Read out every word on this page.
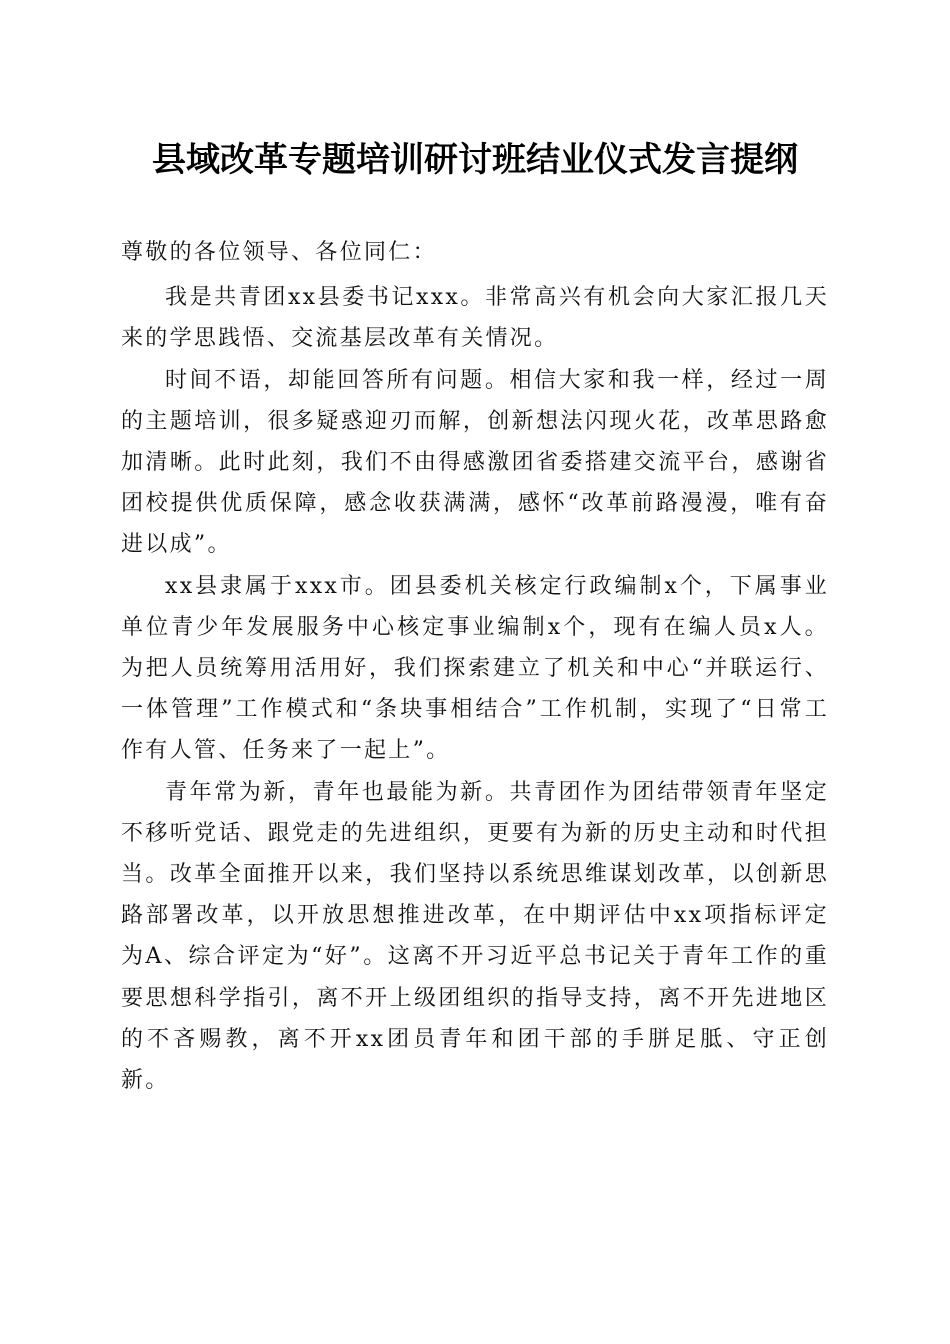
县域改革专题培训研讨班结业仪式发言提纲

尊敬的各位领导、各位同仁：

我是共青团xx县委书记xxx。非常高兴有机会向大家汇报几天来的学思践悟、交流基层改革有关情况。

时间不语，却能回答所有问题。相信大家和我一样，经过一周的主题培训，很多疑惑迎刃而解，创新想法闪现火花，改革思路愈加清晰。此时此刻，我们不由得感激团省委搭建交流平台，感谢省团校提供优质保障，感念收获满满，感怀“改革前路漫漫，唯有奋进以成”。

xx县隶属于xxx市。团县委机关核定行政编制x个，下属事业单位青少年发展服务中心核定事业编制x个，现有在编人员x人。为把人员统筹用活用好，我们探索建立了机关和中心“并联运行、一体管理”工作模式和“条块事相结合”工作机制，实现了“日常工作有人管、任务来了一起上”。

青年常为新，青年也最能为新。共青团作为团结带领青年坚定不移听党话、跟党走的先进组织，更要有为新的历史主动和时代担当。改革全面推开以来，我们坚持以系统思维谋划改革，以创新思路部署改革，以开放思想推进改革，在中期评估中xx项指标评定为A、综合评定为“好”。这离不开习近平总书记关于青年工作的重要思想科学指引，离不开上级团组织的指导支持，离不开先进地区的不吝赐教，离不开xx团员青年和团干部的手胼足胝、守正创新。
